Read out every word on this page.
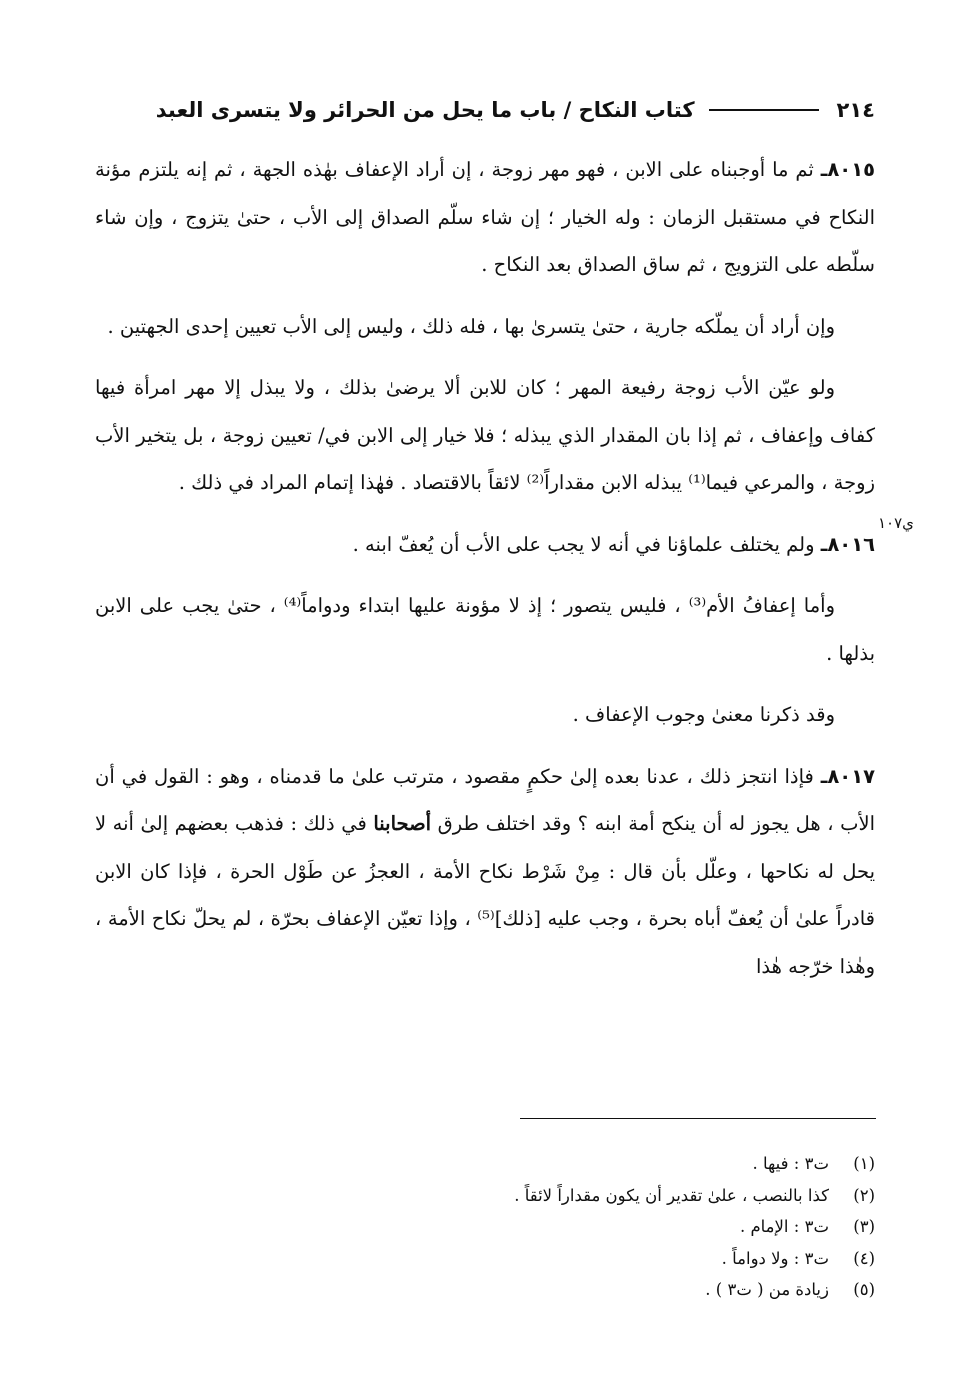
٢١٤
كتاب النكاح / باب ما يحل من الحرائر ولا يتسرى العبد
ي١٠٧

٨٠١٥ـ ثم ما أوجبناه على الابن ، فهو مهر زوجة ، إن أراد الإعفاف بهٰذه الجهة ، ثم إنه يلتزم مؤنة النكاح في مستقبل الزمان : وله الخيار ؛ إن شاء سلّم الصداق إلى الأب ، حتىٰ يتزوج ، وإن شاء سلّطه على التزويج ، ثم ساق الصداق بعد النكاح .

وإن أراد أن يملّكه جارية ، حتىٰ يتسرىٰ بها ، فله ذلك ، وليس إلى الأب تعيين إحدى الجهتين .

ولو عيّن الأب زوجة رفيعة المهر ؛ كان للابن ألا يرضىٰ بذلك ، ولا يبذل إلا مهر امرأة فيها كفاف وإعفاف ، ثم إذا بان المقدار الذي يبذله ؛ فلا خيار إلى الابن في/ تعيين زوجة ، بل يتخير الأب زوجة ، والمرعي فيما⁽¹⁾ يبذله الابن مقداراً⁽²⁾ لائقاً بالاقتصاد . فهٰذا إتمام المراد في ذلك .

٨٠١٦ـ ولم يختلف علماؤنا في أنه لا يجب على الأب أن يُعفّ ابنه .

وأما إعفافُ الأم⁽³⁾ ، فليس يتصور ؛ إذ لا مؤونة عليها ابتداء ودواماً⁽⁴⁾ ، حتىٰ يجب على الابن بذلها .

وقد ذكرنا معنىٰ وجوب الإعفاف .

٨٠١٧ـ فإذا انتجز ذلك ، عدنا بعده إلىٰ حكمٍ مقصود ، مترتب علىٰ ما قدمناه ، وهو : القول في أن الأب ، هل يجوز له أن ينكح أمة ابنه ؟ وقد اختلف طرق أصحابنا في ذلك : فذهب بعضهم إلىٰ أنه لا يحل له نكاحها ، وعلّل بأن قال : مِنْ شَرْط نكاح الأمة ، العجزُ عن طَوْل الحرة ، فإذا كان الابن قادراً علىٰ أن يُعفّ أباه بحرة ، وجب عليه [ذلك]⁽⁵⁾ ، وإذا تعيّن الإعفاف بحرّة ، لم يحلّ نكاح الأمة ، وهٰذا خرّجه هٰذا

(١)
ت٣ : فيها .
(٢)
كذا بالنصب ، علىٰ تقدير أن يكون مقداراً لائقاً .
(٣)
ت٣ : الإمام .
(٤)
ت٣ : ولا دواماً .
(٥)
زيادة من ( ت٣ ) .
